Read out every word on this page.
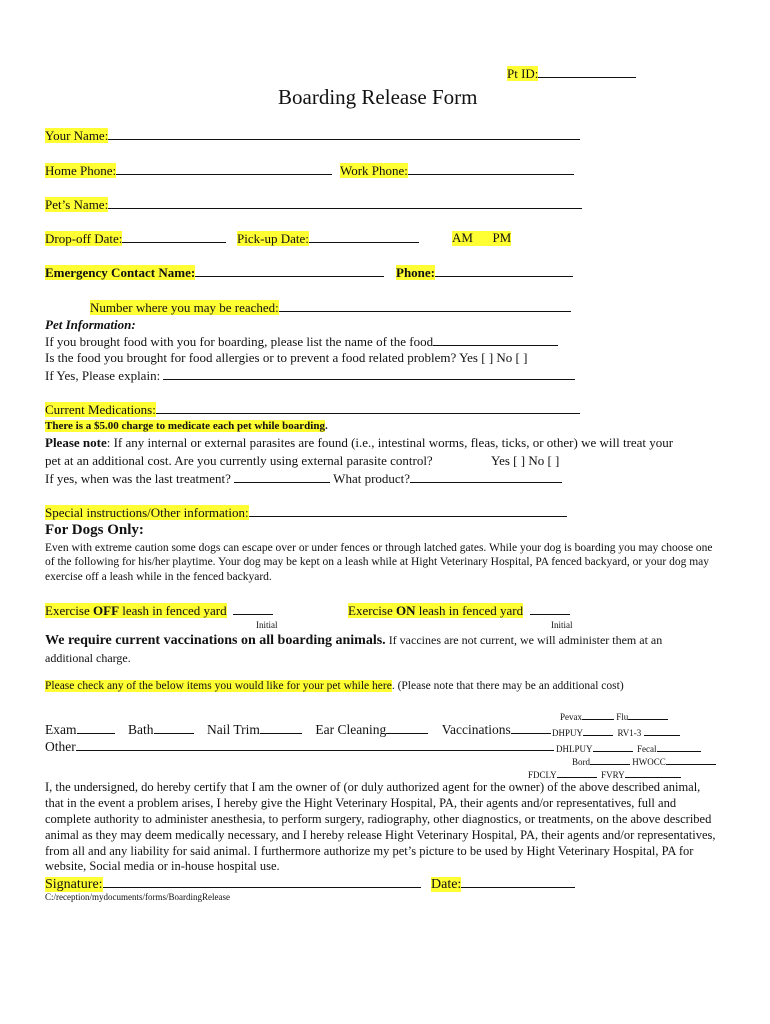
Pt ID:
Boarding Release Form
Your Name:
Home Phone:	Work Phone:
Pet’s Name:
Drop-off Date:	Pick-up Date:	AM PM
Emergency Contact Name:	Phone:
Number where you may be reached:
Pet Information:
If you brought food with you for boarding, please list the name of the food
Is the food you brought for food allergies or to prevent a food related problem? Yes [ ] No [ ]
If Yes, Please explain:
Current Medications:
There is a $5.00 charge to medicate each pet while boarding.
Please note: If any internal or external parasites are found (i.e., intestinal worms, fleas, ticks, or other) we will treat your
pet at an additional cost. Are you currently using external parasite control?	Yes [ ] No [ ]
If yes, when was the last treatment?	What product?
Special instructions/Other information:
For Dogs Only:
Even with extreme caution some dogs can escape over or under fences or through latched gates. While your dog is boarding you may choose one of the following for his/her playtime. Your dog may be kept on a leash while at Hight Veterinary Hospital, PA fenced backyard, or your dog may exercise off a leash while in the fenced backyard.
Exercise OFF leash in fenced yard
Initial
Exercise ON leash in fenced yard
Initial
We require current vaccinations on all boarding animals. If vaccines are not current, we will administer them at an additional charge.
Please check any of the below items you would like for your pet while here. (Please note that there may be an additional cost)
Pevax	Flu
Exam	Bath	Nail Trim	Ear Cleaning	Vaccinations	DHPUY	RV1-3
Other	DHLPUY	Fecal
Bord	HWOCC
FDCLY	FVRY
I, the undersigned, do hereby certify that I am the owner of (or duly authorized agent for the owner) of the above described animal, that in the event a problem arises, I hereby give the Hight Veterinary Hospital, PA, their agents and/or representatives, full and complete authority to administer anesthesia, to perform surgery, radiography, other diagnostics, or treatments, on the above described animal as they may deem medically necessary, and I hereby release Hight Veterinary Hospital, PA, their agents and/or representatives, from all and any liability for said animal. I furthermore authorize my pet’s picture to be used by Hight Veterinary Hospital, PA for website, Social media or in-house hospital use.
Signature:	Date:
C:/reception/mydocuments/forms/BoardingRelease
